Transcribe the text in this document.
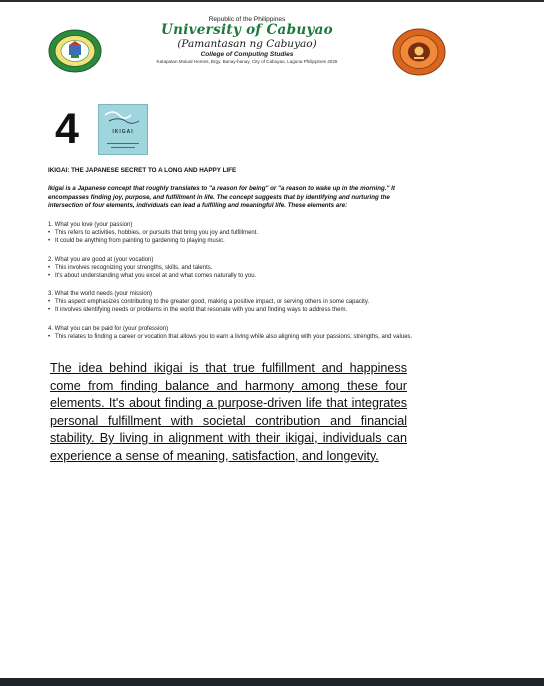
Republic of the Philippines
University of Cabuyao
(Pamantasan ng Cabuyao)
College of Computing Studies
Katapatan Mutual Homes, Brgy. Banay-banay, City of Cabuyao, Laguna Philippines 4025
4	IKIGAI
IKIGAI: THE JAPANESE SECRET TO A LONG AND HAPPY LIFE
Ikigai is a Japanese concept that roughly translates to "a reason for being" or "a reason to wake up in the morning." It encompasses finding joy, purpose, and fulfillment in life. The concept suggests that by identifying and nurturing the intersection of four elements, individuals can lead a fulfilling and meaningful life. These elements are:
1. What you love (your passion)
• This refers to activities, hobbies, or pursuits that bring you joy and fulfillment.
• It could be anything from painting to gardening to playing music.
2. What you are good at (your vocation)
• This involves recognizing your strengths, skills, and talents.
• It's about understanding what you excel at and what comes naturally to you.
3. What the world needs (your mission)
• This aspect emphasizes contributing to the greater good, making a positive impact, or serving others in some capacity.
• It involves identifying needs or problems in the world that resonate with you and finding ways to address them.
4. What you can be paid for (your profession)
• This relates to finding a career or vocation that allows you to earn a living while also aligning with your passions, strengths, and values.
The idea behind ikigai is that true fulfillment and happiness come from finding balance and harmony among these four elements. It's about finding a purpose-driven life that integrates personal fulfillment with societal contribution and financial stability. By living in alignment with their ikigai, individuals can experience a sense of meaning, satisfaction, and longevity.
